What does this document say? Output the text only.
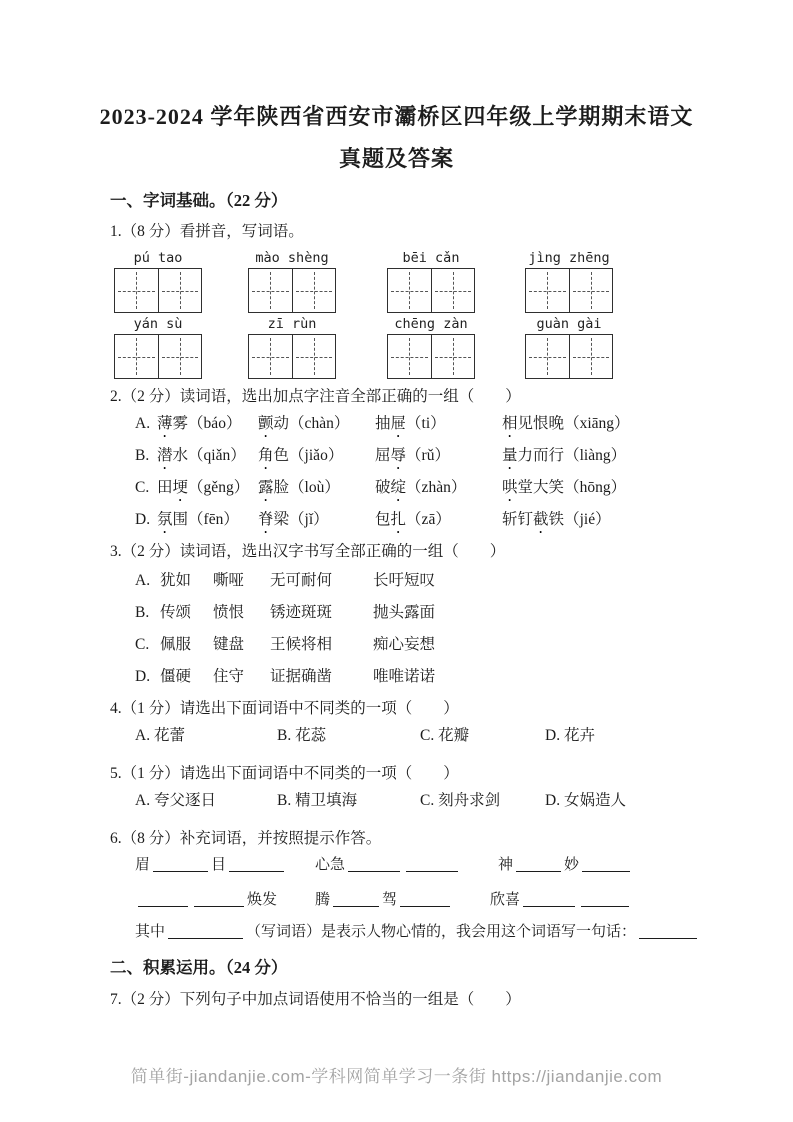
2023-2024 学年陕西省西安市灞桥区四年级上学期期末语文
真题及答案
一、字词基础。（22 分）
1.（8 分）看拼音，写词语。
pú tao	mào shèng	bēi cǎn	jìng zhēng
yán sù	zī rùn	chēng zàn	guàn gài
2.（2 分）读词语，选出加点字注音全部正确的一组（　　）
A. 薄雾（báo） 颤动（chàn） 抽屉（ti）	相见恨晚（xiāng）
B. 潜水（qiǎn） 角色（jiǎo） 屈辱（rǔ）	量力而行（liàng）
C. 田埂（gěng） 露脸（loù） 破绽（zhàn） 哄堂大笑（hōng）
D. 氛围（fēn） 脊梁（jǐ）	包扎（zā）	斩钉截铁（jié）
3.（2 分）读词语，选出汉字书写全部正确的一组（　　）
A. 犹如 嘶哑 无可耐何	长吁短叹
B. 传颂 愤恨 锈迹斑斑	抛头露面
C. 佩服 键盘 王候将相	痴心妄想
D. 僵硬 住守 证据确凿	唯唯诺诺
4.（1 分）请选出下面词语中不同类的一项（　　）
A. 花蕾	B. 花蕊	C. 花瓣	D. 花卉
5.（1 分）请选出下面词语中不同类的一项（　　）
A. 夸父逐日	B. 精卫填海	C. 刻舟求剑	D. 女娲造人
6.（8 分）补充词语，并按照提示作答。
眉	目	心急	神	妙
焕发	腾	驾	欣喜
其中	（写词语）是表示人物心情的，我会用这个词语写一句话：
二、积累运用。（24 分）
7.（2 分）下列句子中加点词语使用不恰当的一组是（　　）
简单街-jiandanjie.com-学科网简单学习一条街 https://jiandanjie.com
